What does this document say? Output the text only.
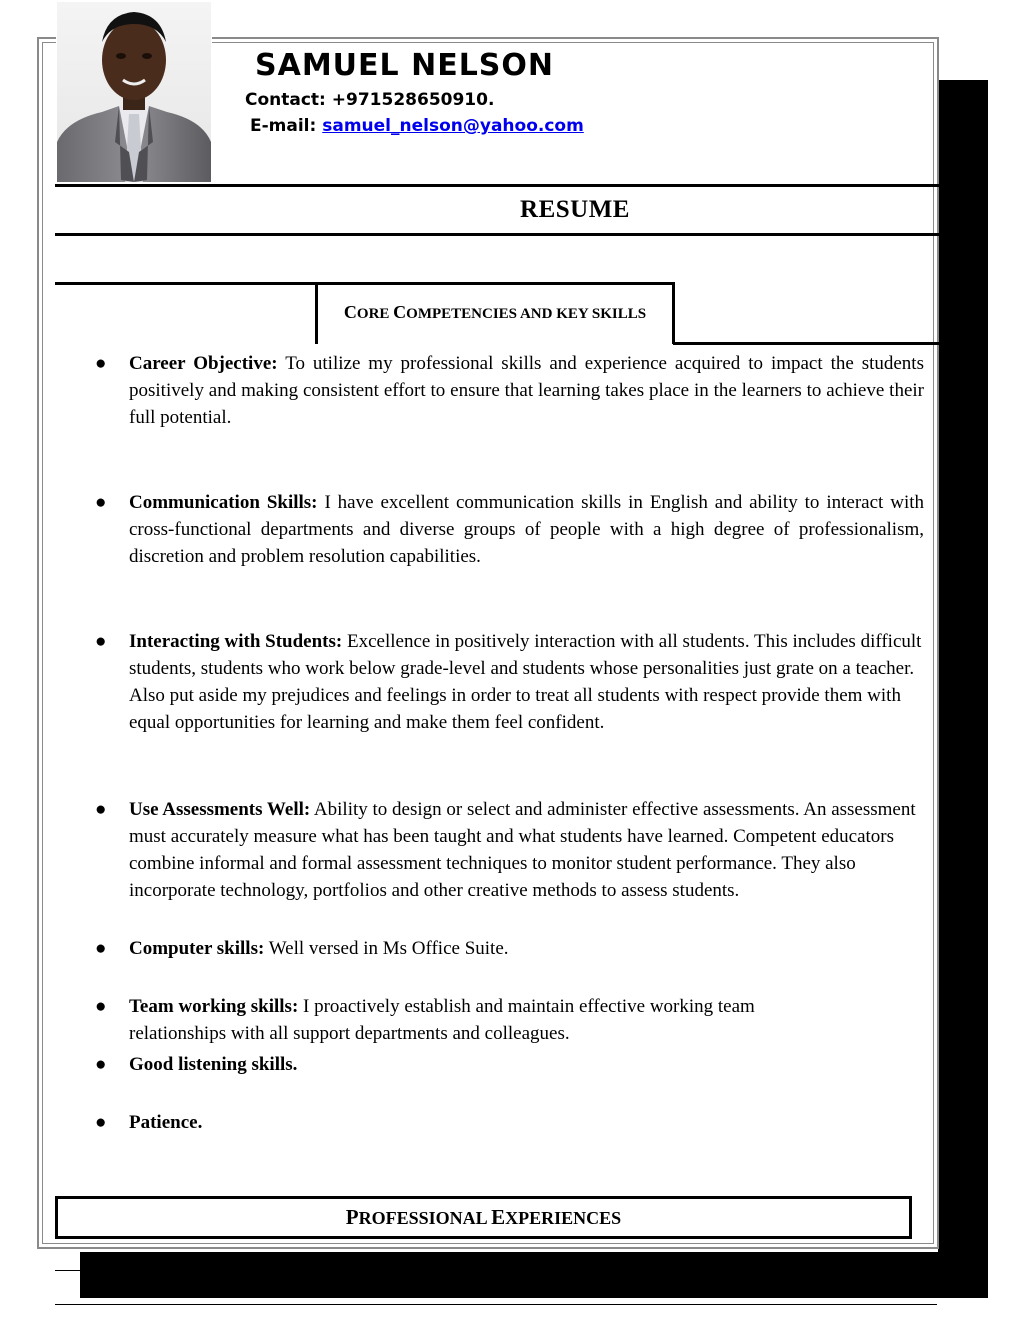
SAMUEL NELSON
Contact: +971528650910.
E-mail: samuel_nelson@yahoo.com
RESUME
CORE COMPETENCIES AND KEY SKILLS
● Career Objective: To utilize my professional skills and experience acquired to impact the students positively and making consistent effort to ensure that learning takes place in the learners to achieve their full potential.
● Communication Skills: I have excellent communication skills in English and ability to interact with cross-functional departments and diverse groups of people with a high degree of professionalism, discretion and problem resolution capabilities.
● Interacting with Students: Excellence in positively interaction with all students. This includes difficult students, students who work below grade-level and students whose personalities just grate on a teacher. Also put aside my prejudices and feelings in order to treat all students with respect provide them with equal opportunities for learning and make them feel confident.
● Use Assessments Well: Ability to design or select and administer effective assessments. An assessment must accurately measure what has been taught and what students have learned. Competent educators combine informal and formal assessment techniques to monitor student performance. They also incorporate technology, portfolios and other creative methods to assess students.
● Computer skills: Well versed in Ms Office Suite.
● Team working skills: I proactively establish and maintain effective working team relationships with all support departments and colleagues.
● Good listening skills.
● Patience.
PROFESSIONAL EXPERIENCES
